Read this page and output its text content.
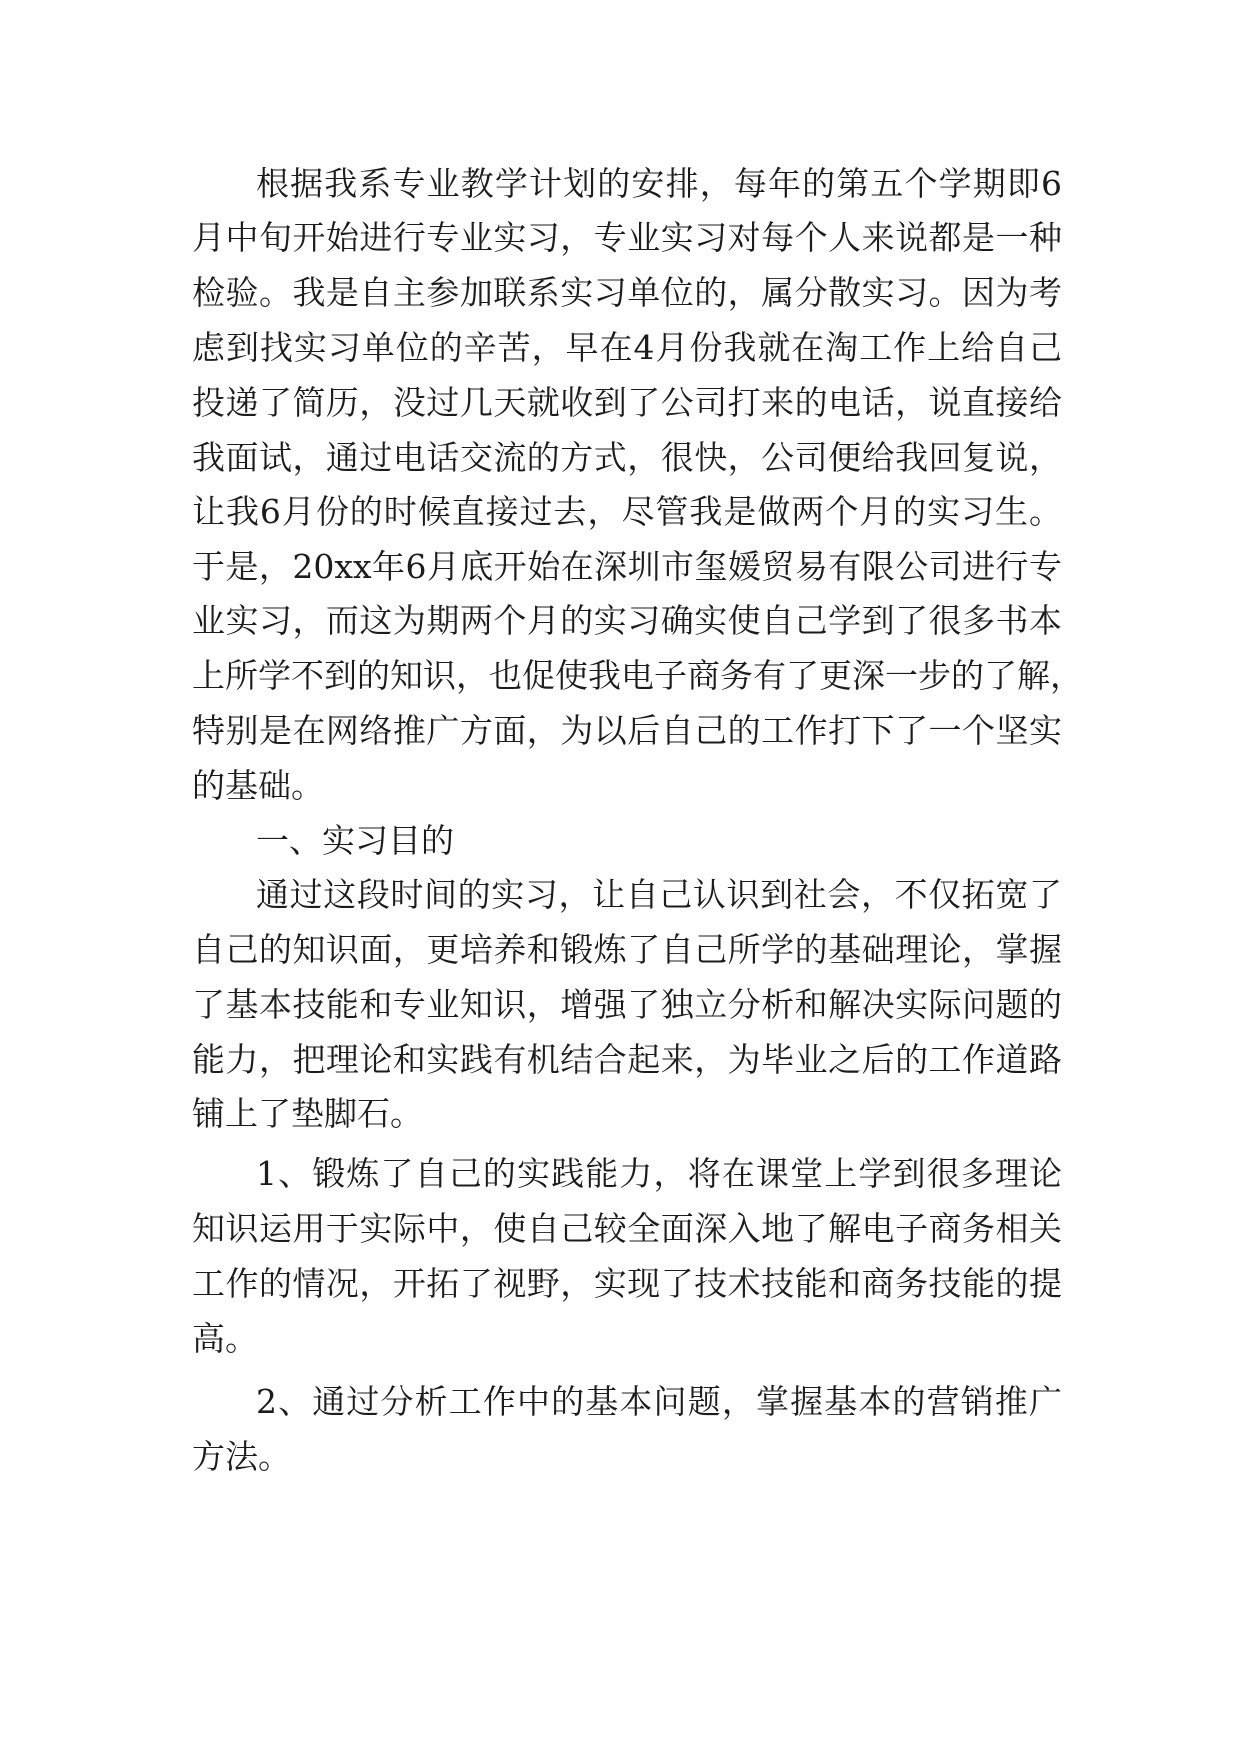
根据我系专业教学计划的安排，每年的第五个学期即6
月中旬开始进行专业实习，专业实习对每个人来说都是一种
检验。我是自主参加联系实习单位的，属分散实习。因为考
虑到找实习单位的辛苦，早在4月份我就在淘工作上给自己
投递了简历，没过几天就收到了公司打来的电话，说直接给
我面试，通过电话交流的方式，很快，公司便给我回复说，
让我6月份的时候直接过去，尽管我是做两个月的实习生。
于是，20xx年6月底开始在深圳市玺媛贸易有限公司进行专
业实习，而这为期两个月的实习确实使自己学到了很多书本
上所学不到的知识，也促使我电子商务有了更深一步的了解，
特别是在网络推广方面，为以后自己的工作打下了一个坚实
的基础。
一、实习目的
通过这段时间的实习，让自己认识到社会，不仅拓宽了
自己的知识面，更培养和锻炼了自己所学的基础理论，掌握
了基本技能和专业知识，增强了独立分析和解决实际问题的
能力，把理论和实践有机结合起来，为毕业之后的工作道路
铺上了垫脚石。
1、锻炼了自己的实践能力，将在课堂上学到很多理论
知识运用于实际中，使自己较全面深入地了解电子商务相关
工作的情况，开拓了视野，实现了技术技能和商务技能的提
高。
2、通过分析工作中的基本问题，掌握基本的营销推广
方法。
